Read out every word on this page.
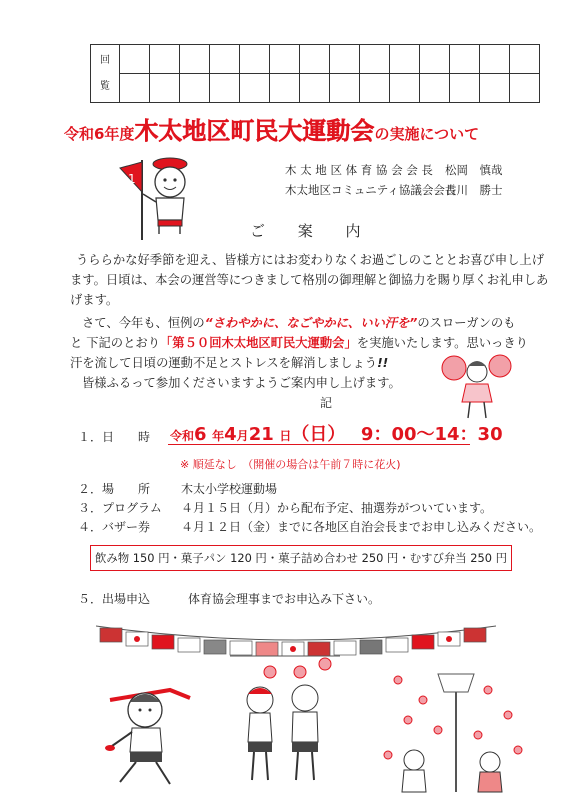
回

覧														

令和6年度木太地区町民大運動会の実施について
1
木 太 地 区 体 育 協 会 会 長 松岡　慎哉
木太地区コミュニティ協議会会長
古川　勝士
ご 案 内
うららかな好季節を迎え、皆様方にはお変わりなくお過ごしのこととお喜び申し上げ
ます。日頃は、本会の運営等につきまして格別の御理解と御協力を賜り厚くお礼申しあ
げます。
さて、今年も、恒例の“さわやかに、なごやかに、いい汗を”のスローガンのも
と 下記のとおり「第５０回木太地区町民大運動会」を実施いたします。思いっきり
汗を流して日頃の運動不足とストレスを解消しましょう!!
皆様ふるって参加くださいますようご案内申し上げます。
記
１．日　　時 令和6 年4月21 日（日） 9：00～14：30
※ 順延なし　（開催の場合は午前７時に花火)
２．場　　所	木太小学校運動場
３．プログラム ４月１５日（月）から配布予定、抽選券がついています。
４．バザー券	４月１２日（金）までに各地区自治会長までお申し込みください。
飲み物 150 円・菓子パン 120 円・菓子詰め合わせ 250 円・むすび弁当 250 円
５．出場申込	体育協会理事までお申込み下さい。
